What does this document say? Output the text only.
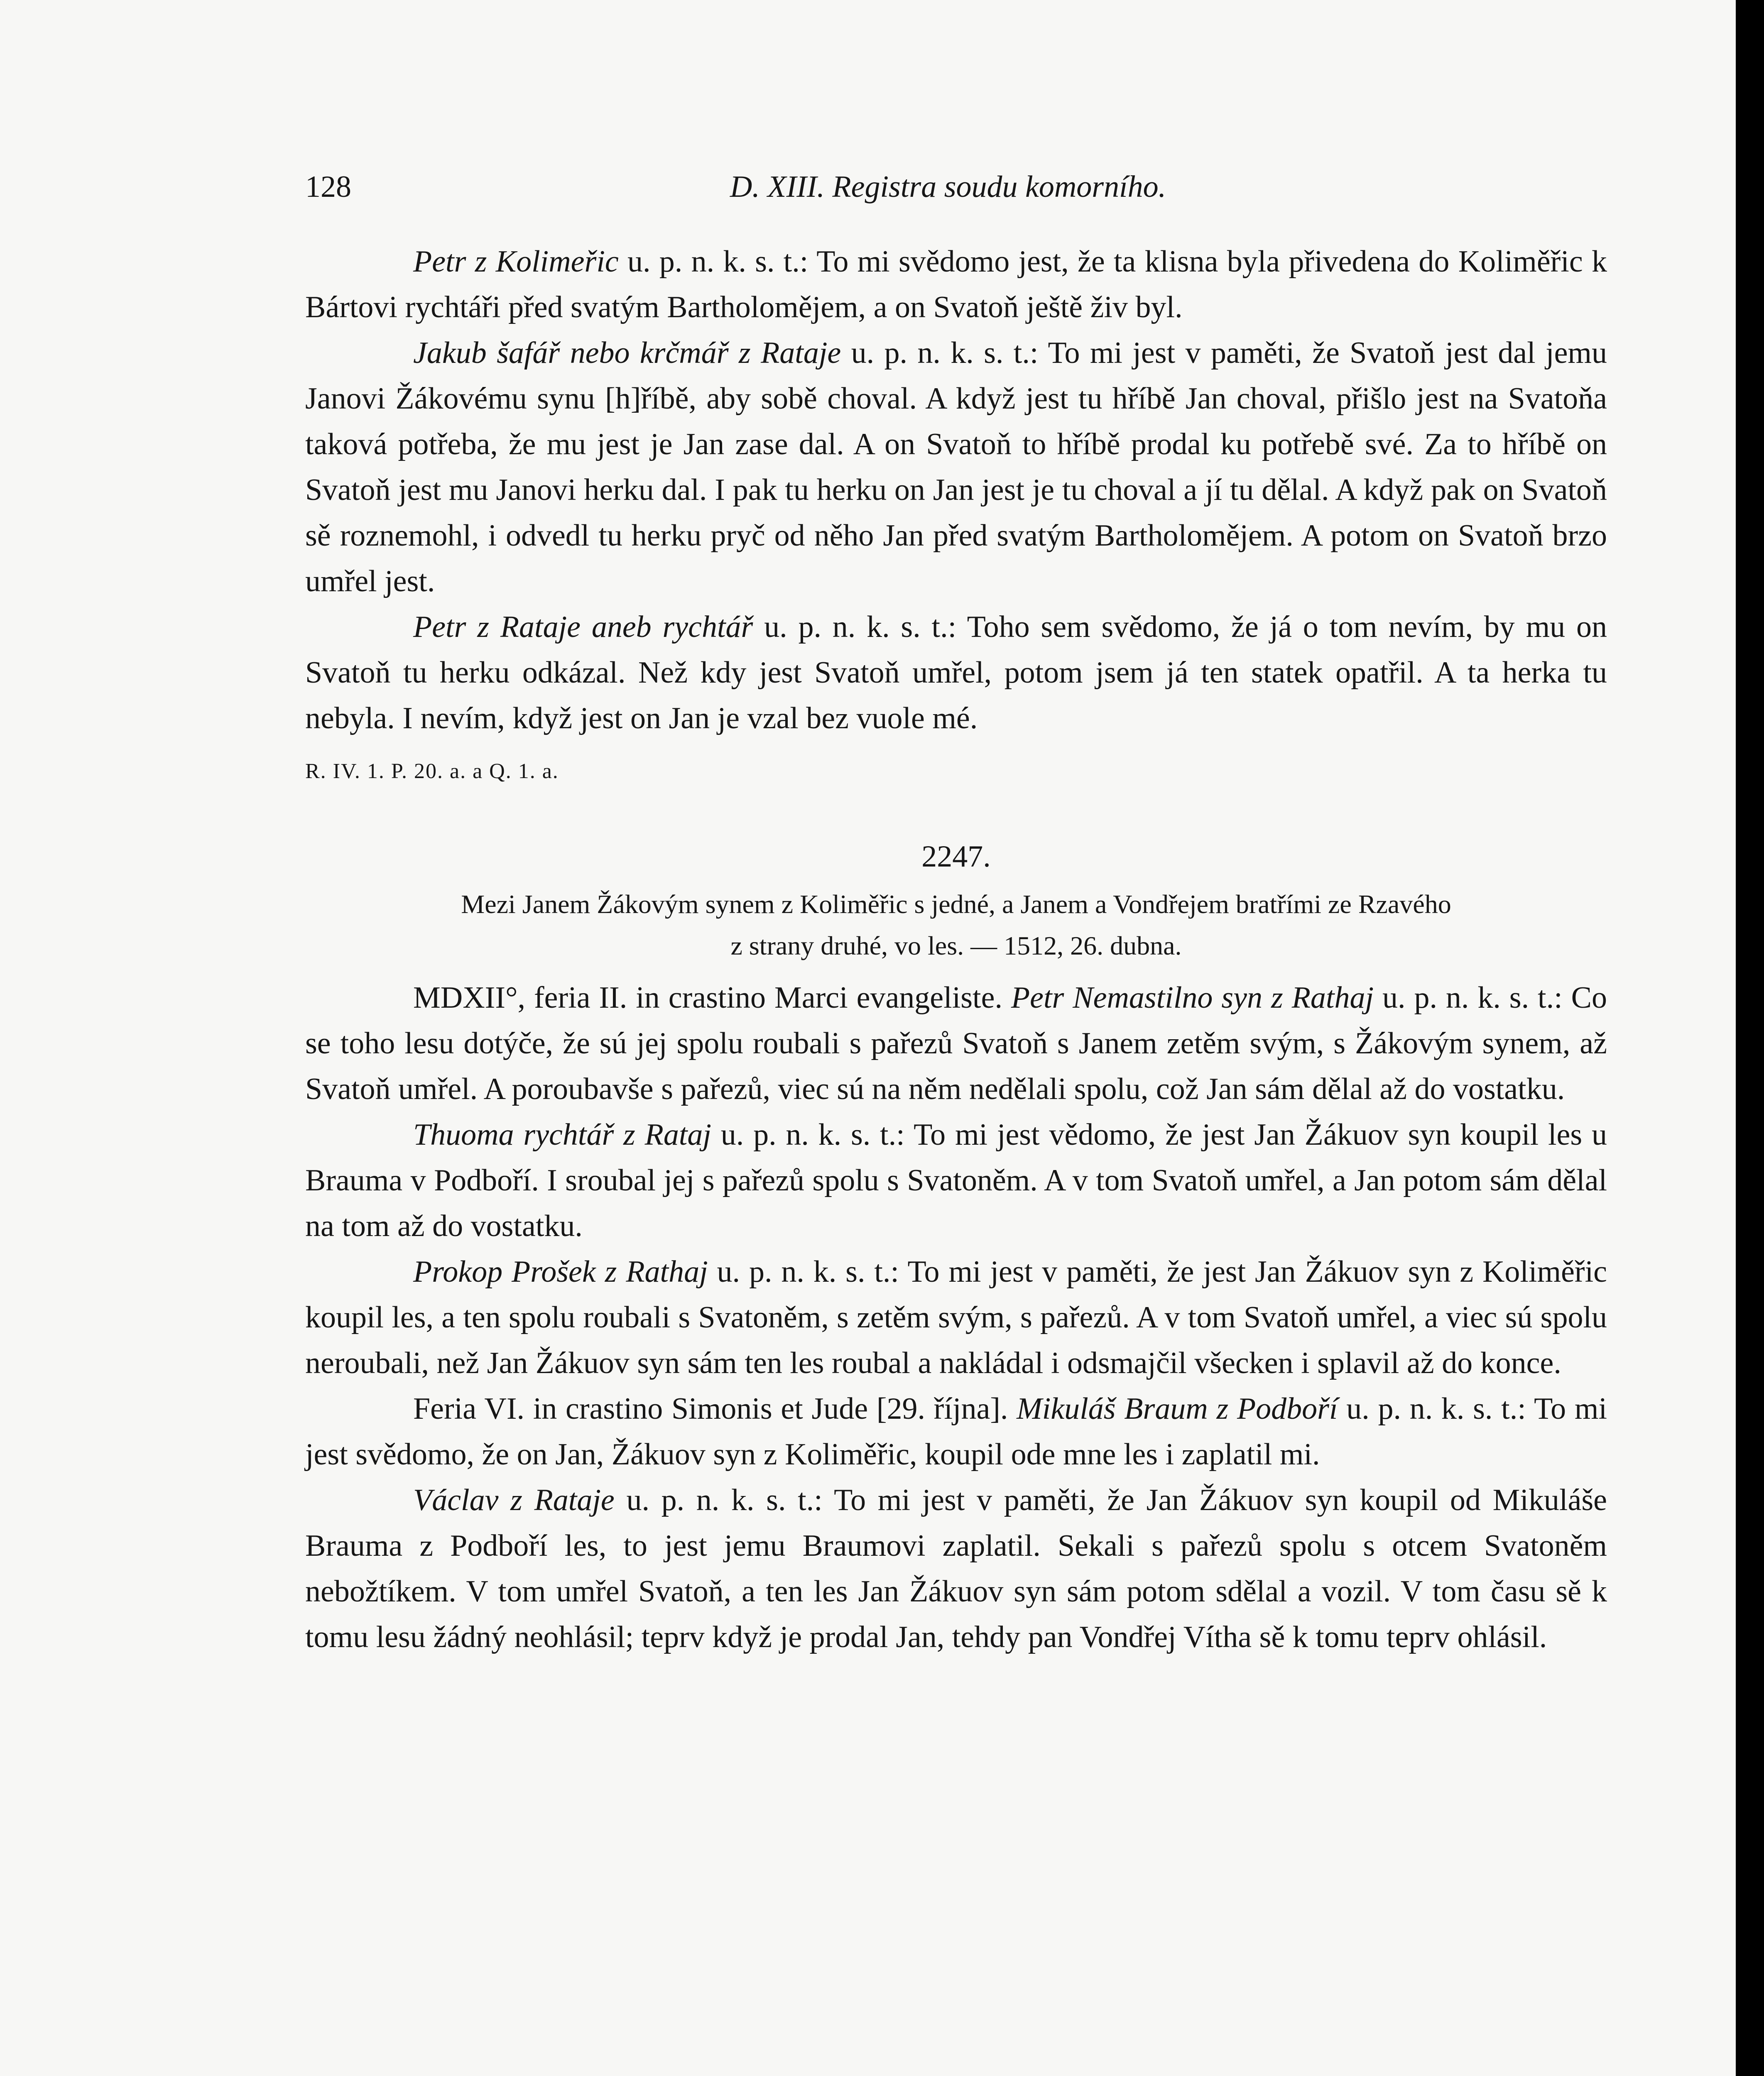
128	D. XIII. Registra soudu komorního.

Petr z Kolimeřic u. p. n. k. s. t.: To mi svědomo jest, že ta klisna byla přivedena do Koliměřic k Bártovi rychtáři před svatým Bartholomějem, a on Svatoň ještě živ byl.

Jakub šafář nebo krčmář z Rataje u. p. n. k. s. t.: To mi jest v paměti, že Svatoň jest dal jemu Janovi Žákovému synu [h]říbě, aby sobě choval. A když jest tu hříbě Jan choval, přišlo jest na Svatoňa taková potřeba, že mu jest je Jan zase dal. A on Svatoň to hříbě prodal ku potřebě své. Za to hříbě on Svatoň jest mu Janovi herku dal. I pak tu herku on Jan jest je tu choval a jí tu dělal. A když pak on Svatoň sě roznemohl, i odvedl tu herku pryč od něho Jan před svatým Bartholomějem. A potom on Svatoň brzo umřel jest.

Petr z Rataje aneb rychtář u. p. n. k. s. t.: Toho sem svědomo, že já o tom nevím, by mu on Svatoň tu herku odkázal. Než kdy jest Svatoň umřel, potom jsem já ten statek opatřil. A ta herka tu nebyla. I nevím, když jest on Jan je vzal bez vuole mé.

R. IV. 1. P. 20. a. a Q. 1. a.

2247.

Mezi Janem Žákovým synem z Koliměřic s jedné, a Janem a Vondřejem bratřími ze Rzavého
z strany druhé, vo les. — 1512, 26. dubna.

MDXII°, feria II. in crastino Marci evangeliste. Petr Nemastilno syn z Rathaj u. p. n. k. s. t.: Co se toho lesu dotýče, že sú jej spolu roubali s pařezů Svatoň s Janem zetěm svým, s Žákovým synem, až Svatoň umřel. A poroubavše s pařezů, viec sú na něm nedělali spolu, což Jan sám dělal až do vostatku.

Thuoma rychtář z Rataj u. p. n. k. s. t.: To mi jest vědomo, že jest Jan Žákuov syn koupil les u Brauma v Podboří. I sroubal jej s pařezů spolu s Svatoněm. A v tom Svatoň umřel, a Jan potom sám dělal na tom až do vostatku.

Prokop Prošek z Rathaj u. p. n. k. s. t.: To mi jest v paměti, že jest Jan Žákuov syn z Koliměřic koupil les, a ten spolu roubali s Svatoněm, s zetěm svým, s pařezů. A v tom Svatoň umřel, a viec sú spolu neroubali, než Jan Žákuov syn sám ten les roubal a nakládal i odsmajčil všecken i splavil až do konce.

Feria VI. in crastino Simonis et Jude [29. října]. Mikuláš Braum z Podboří u. p. n. k. s. t.: To mi jest svědomo, že on Jan, Žákuov syn z Koliměřic, koupil ode mne les i zaplatil mi.

Václav z Rataje u. p. n. k. s. t.: To mi jest v paměti, že Jan Žákuov syn koupil od Mikuláše Brauma z Podboří les, to jest jemu Braumovi zaplatil. Sekali s pařezů spolu s otcem Svatoněm nebožtíkem. V tom umřel Svatoň, a ten les Jan Žákuov syn sám potom sdělal a vozil. V tom času sě k tomu lesu žádný neohlásil; teprv když je prodal Jan, tehdy pan Vondřej Vítha sě k tomu teprv ohlásil.
